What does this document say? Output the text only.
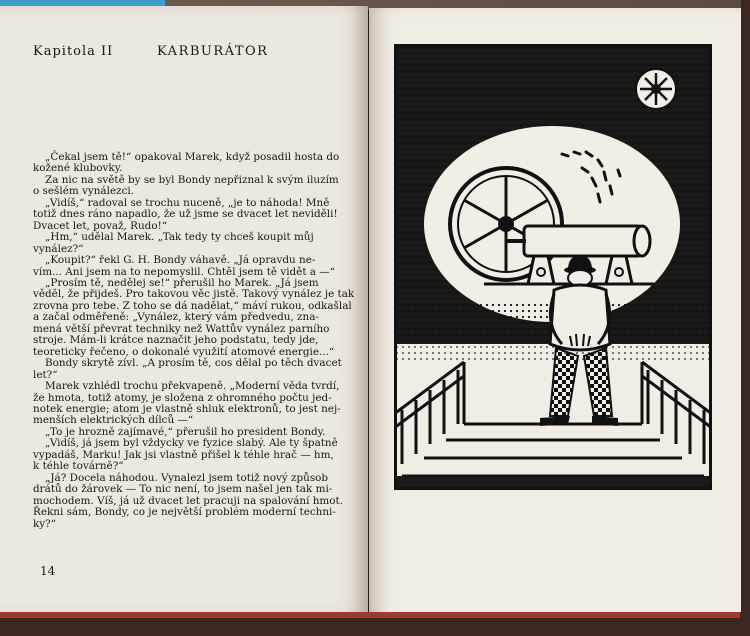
Kapitola II	KARBURÁTOR
„Čekal jsem tě!“ opakoval Marek, když posadil hosta do
kožené klubovky.
Za nic na světě by se byl Bondy nepřiznal k svým iluzím
o sešlém vynálezci.
„Vidíš,“ radoval se trochu nuceně, „je to náhoda! Mně
totiž dnes ráno napadlo, že už jsme se dvacet let neviděli!
Dvacet let, považ, Rudo!“
„Hm,“ udělal Marek. „Tak tedy ty chceš koupit můj
vynález?“
„Koupit?“ řekl G. H. Bondy váhavě. „Já opravdu ne-
vím... Ani jsem na to nepomyslil. Chtěl jsem tě vidět a —“
„Prosím tě, nedělej se!“ přerušil ho Marek. „Já jsem
věděl, že přijdeš. Pro takovou věc jistě. Takový vynález je tak
zrovna pro tebe. Z toho se dá nadělat,“ máví rukou, odkašlal
a začal odměřeně: „Vynález, který vám předvedu, zna-
mená větší převrat techniky než Wattův vynález parního
stroje. Mám-li krátce naznačit jeho podstatu, tedy jde,
teoreticky řečeno, o dokonalé využití atomové energie...“
Bondy skrytě zívl. „A prosím tě, cos dělal po těch dvacet
let?“
Marek vzhlédl trochu překvapeně. „Moderní věda tvrdí,
že hmota, totiž atomy, je složena z ohromného počtu jed-
notek energie; atom je vlastně shluk elektronů, to jest nej-
menších elektrických dílců —“
„To je hrozně zajímavé,“ přerušil ho president Bondy.
„Vidíš, já jsem byl vždycky ve fyzice slabý. Ale ty špatně
vypadáš, Marku! Jak jsi vlastně přišel k téhle hrač — hm,
k téhle továrně?“
„Já? Docela náhodou. Vynalezl jsem totiž nový způsob
drátů do žárovek — To nic není, to jsem našel jen tak mi-
mochodem. Víš, já už dvacet let pracuji na spalování hmot.
Řekni sám, Bondy, co je největší problém moderní techni-
ky?“
14
